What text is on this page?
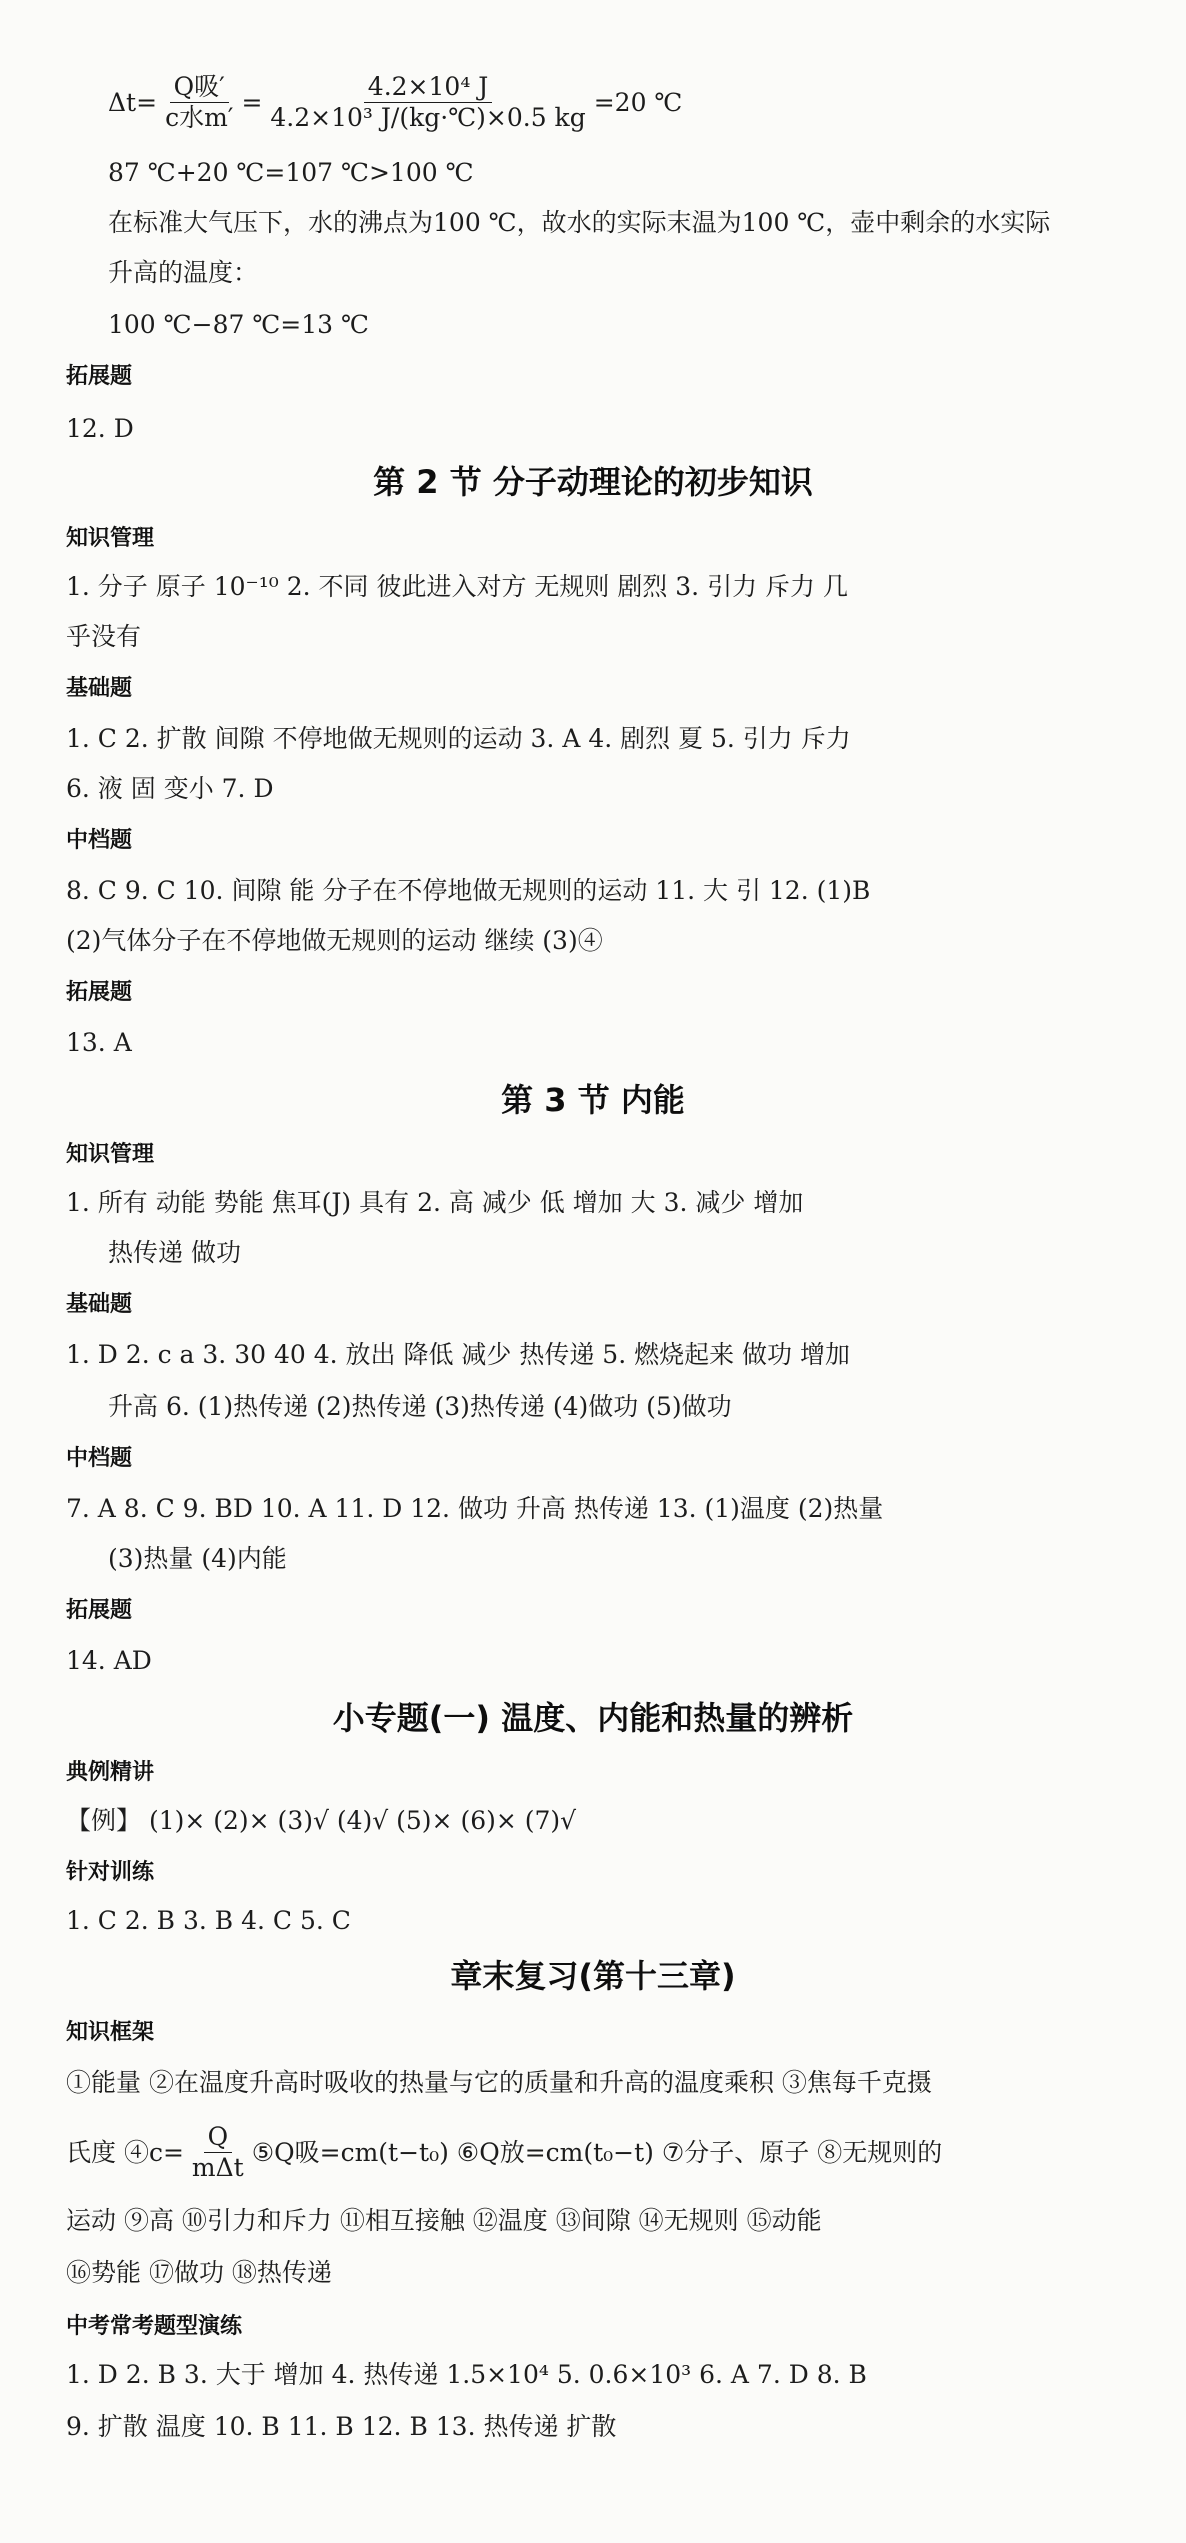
$\Delta t= \frac{\text{Q吸′}}{\text{c水m′}} = \frac{\text{4.2×10⁴ J}}{\text{4.2×10³ J/(kg·℃)×0.5 kg}} =20$ ℃
87 ℃+20 ℃=107 ℃>100 ℃
在标准大气压下，水的沸点为100 ℃，故水的实际末温为100 ℃，壶中剩余的水实际
升高的温度：
100 ℃−87 ℃=13 ℃
拓展题
12. D
第 2 节 分子动理论的初步知识
知识管理
1. 分子 原子 10⁻¹⁰ 2. 不同 彼此进入对方 无规则 剧烈 3. 引力 斥力 几
乎没有
基础题
1. C 2. 扩散 间隙 不停地做无规则的运动 3. A 4. 剧烈 夏 5. 引力 斥力
6. 液 固 变小 7. D
中档题
8. C 9. C 10. 间隙 能 分子在不停地做无规则的运动 11. 大 引 12. (1)B
(2)气体分子在不停地做无规则的运动 继续 (3)④
拓展题
13. A
第 3 节 内能
知识管理
1. 所有 动能 势能 焦耳(J) 具有 2. 高 减少 低 增加 大 3. 减少 增加
热传递 做功
基础题
1. D 2. c a 3. 30 40 4. 放出 降低 减少 热传递 5. 燃烧起来 做功 增加
升高 6. (1)热传递 (2)热传递 (3)热传递 (4)做功 (5)做功
中档题
7. A 8. C 9. BD 10. A 11. D 12. 做功 升高 热传递 13. (1)温度 (2)热量
(3)热量 (4)内能
拓展题
14. AD
小专题(一) 温度、内能和热量的辨析
典例精讲
【例】 (1)× (2)× (3)√ (4)√ (5)× (6)× (7)√
针对训练
1. C 2. B 3. B 4. C 5. C
章末复习(第十三章)
知识框架
①能量 ②在温度升高时吸收的热量与它的质量和升高的温度乘积 ③焦每千克摄
氏度 ④c= $\frac{Q}{\text{mΔt}}$ ⑤Q吸=cm(t−t₀) ⑥Q放=cm(t₀−t) ⑦分子、原子 ⑧无规则的
运动 ⑨高 ⑩引力和斥力 ⑪相互接触 ⑫温度 ⑬间隙 ⑭无规则 ⑮动能
⑯势能 ⑰做功 ⑱热传递
中考常考题型演练
1. D 2. B 3. 大于 增加 4. 热传递 1.5×10⁴ 5. 0.6×10³ 6. A 7. D 8. B
9. 扩散 温度 10. B 11. B 12. B 13. 热传递 扩散
